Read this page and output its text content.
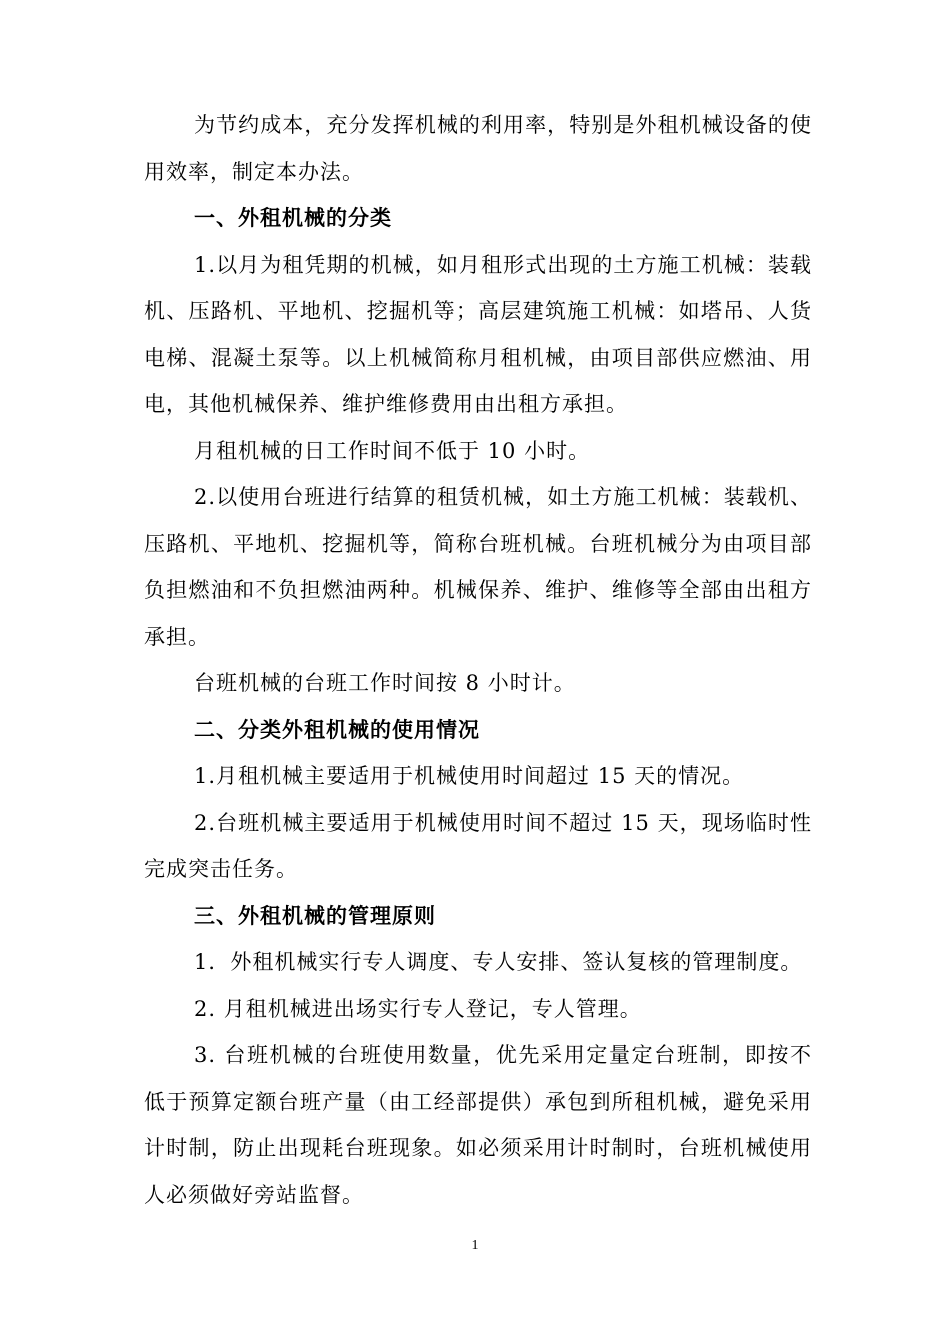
为节约成本，充分发挥机械的利用率，特别是外租机械设备的使用效率，制定本办法。

一、外租机械的分类

1.以月为租凭期的机械，如月租形式出现的土方施工机械：装载机、压路机、平地机、挖掘机等；高层建筑施工机械：如塔吊、人货电梯、混凝土泵等。以上机械简称月租机械，由项目部供应燃油、用电，其他机械保养、维护维修费用由出租方承担。

月租机械的日工作时间不低于 10 小时。

2.以使用台班进行结算的租赁机械，如土方施工机械：装载机、压路机、平地机、挖掘机等，简称台班机械。台班机械分为由项目部负担燃油和不负担燃油两种。机械保养、维护、维修等全部由出租方承担。

台班机械的台班工作时间按 8 小时计。

二、分类外租机械的使用情况

1.月租机械主要适用于机械使用时间超过 15 天的情况。

2.台班机械主要适用于机械使用时间不超过 15 天，现场临时性完成突击任务。

三、外租机械的管理原则

1．外租机械实行专人调度、专人安排、签认复核的管理制度。

2. 月租机械进出场实行专人登记，专人管理。

3. 台班机械的台班使用数量，优先采用定量定台班制，即按不低于预算定额台班产量（由工经部提供）承包到所租机械，避免采用计时制，防止出现耗台班现象。如必须采用计时制时，台班机械使用人必须做好旁站监督。

1
